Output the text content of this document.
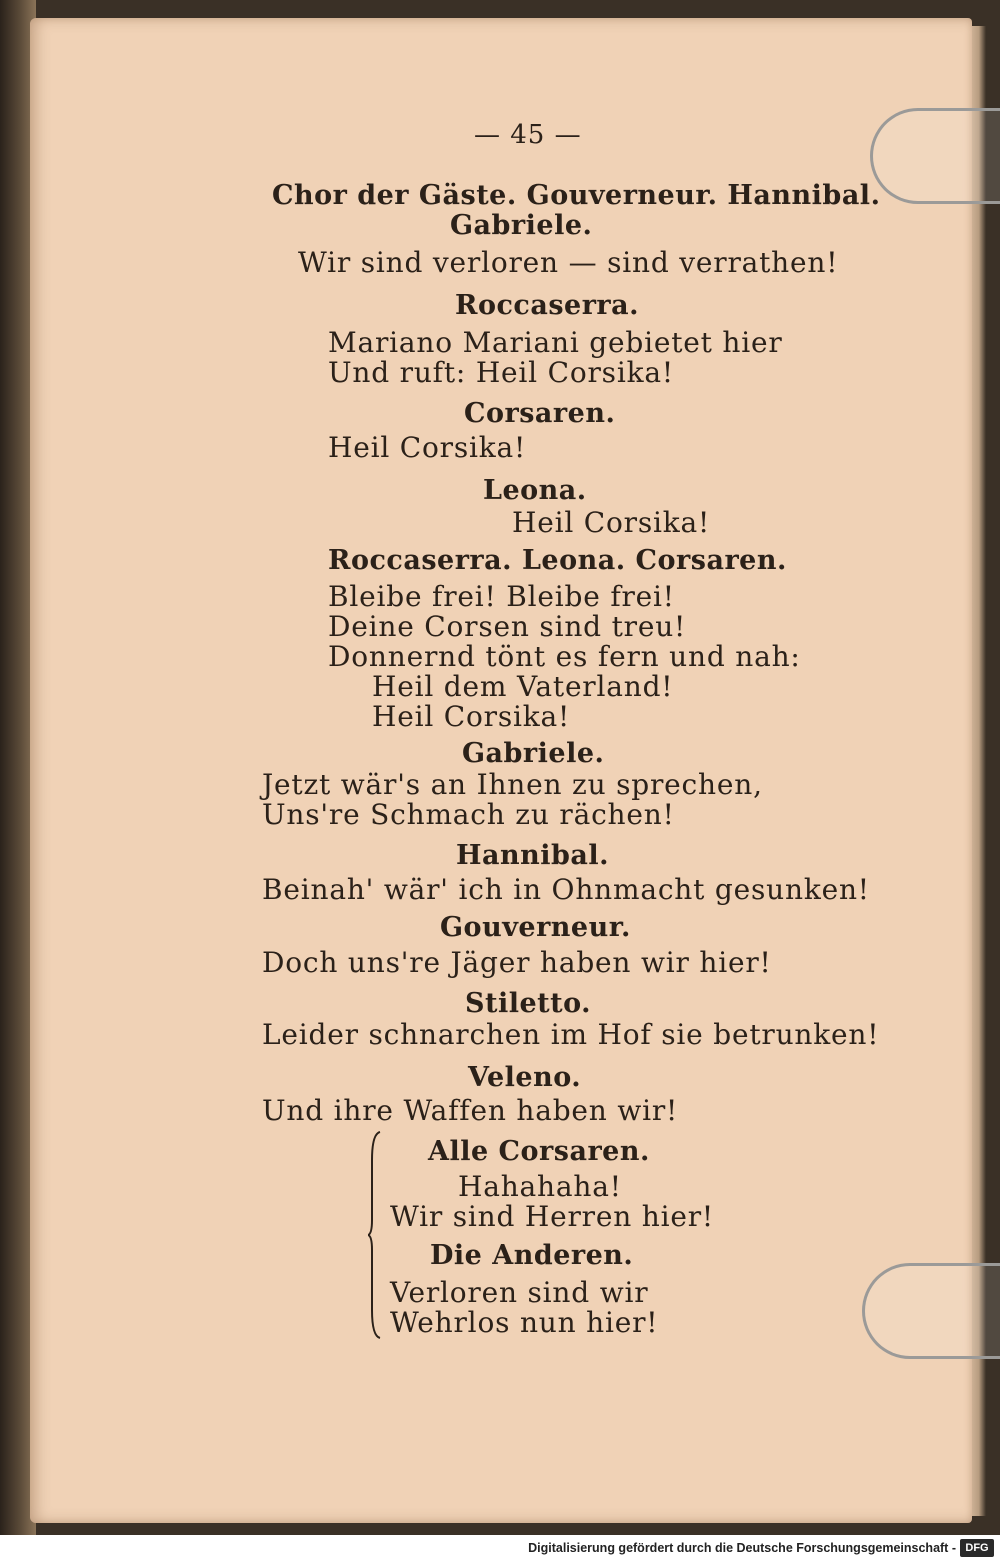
— 45 —
Chor der Gäste. Gouverneur. Hannibal.
Gabriele.
Wir sind verloren — sind verrathen!
Roccaserra.
Mariano Mariani gebietet hier
Und ruft: Heil Corsika!
Corsaren.
Heil Corsika!
Leona.
Heil Corsika!
Roccaserra. Leona. Corsaren.
Bleibe frei! Bleibe frei!
Deine Corsen sind treu!
Donnernd tönt es fern und nah:
Heil dem Vaterland!
Heil Corsika!
Gabriele.
Jetzt wär's an Ihnen zu sprechen,
Uns're Schmach zu rächen!
Hannibal.
Beinah' wär' ich in Ohnmacht gesunken!
Gouverneur.
Doch uns're Jäger haben wir hier!
Stiletto.
Leider schnarchen im Hof sie betrunken!
Veleno.
Und ihre Waffen haben wir!
Alle Corsaren.
Hahahaha!
Wir sind Herren hier!
Die Anderen.
Verloren sind wir
Wehrlos nun hier!
Digitalisierung gefördert durch die Deutsche Forschungsgemeinschaft - DFG
